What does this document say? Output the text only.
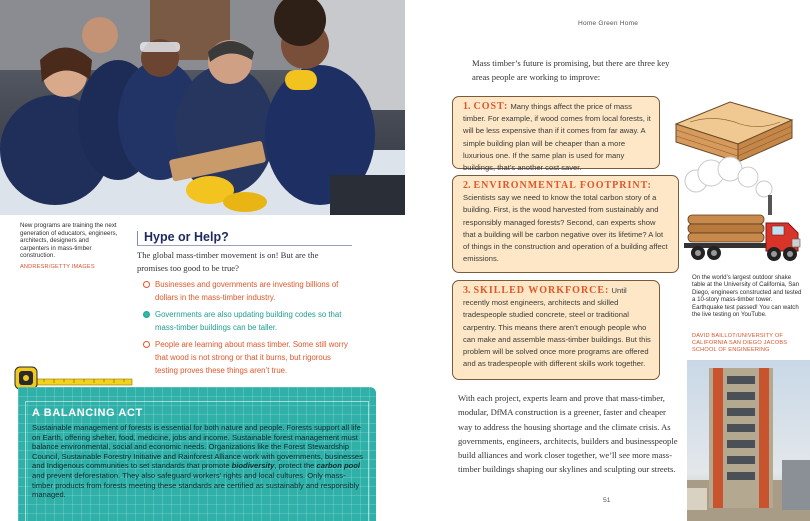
New programs are training the next generation of educators, engineers, architects, designers and carpenters in mass-timber construction.
ANDRESR/GETTY IMAGES
Hype or Help?

The global mass-timber movement is on! But are the promises too good to be true?

Businesses and governments are investing billions of dollars in the mass-timber industry.
Governments are also updating building codes so that mass-timber buildings can be taller.
People are learning about mass timber. Some still worry that wood is not strong or that it burns, but rigorous testing proves these things aren’t true.
A BALANCING ACT

Sustainable management of forests is essential for both nature and people. Forests support all life on Earth, offering shelter, food, medicine, jobs and income. Sustainable forest management must balance environmental, social and economic needs. Organizations like the Forest Stewardship Council, Sustainable Forestry Initiative and Rainforest Alliance work with governments, businesses and Indigenous communities to set standards that promote biodiversity, protect the carbon pool and prevent deforestation. They also safeguard workers’ rights and local cultures. Only mass-timber products from forests meeting these standards are certified as sustainably and responsibly managed.

Home Green Home

Mass timber’s future is promising, but there are three key areas people are working to improve:

1. COST: Many things affect the price of mass timber. For example, if wood comes from local forests, it will be less expensive than if it comes from far away. A simple building plan will be cheaper than a more luxurious one. If the same plan is used for many buildings, that’s another cost saver.

2. ENVIRONMENTAL FOOTPRINT:
Scientists say we need to know the total carbon story of a building. First, is the wood harvested from sustainably and responsibly managed forests? Second, can experts show that a building will be carbon negative over its lifetime? A lot of things in the construction and operation of a building affect emissions.

3. SKILLED WORKFORCE: Until recently most engineers, architects and skilled tradespeople studied concrete, steel or traditional carpentry. This means there aren’t enough people who can make and assemble mass-timber buildings. But this problem will be solved once more programs are offered and as tradespeople with different skills work together.

With each project, experts learn and prove that mass-timber, modular, DfMA construction is a greener, faster and cheaper way to address the housing shortage and the climate crisis. As governments, engineers, architects, builders and businesspeople build alliances and work closer together, we’ll see more mass-timber buildings shaping our skylines and sculpting our streets.

51
On the world’s largest outdoor shake table at the University of California, San Diego, engineers constructed and tested a 10-story mass-timber tower. Earthquake test passed! You can watch the live testing on YouTube.
DAVID BAILLOT/UNIVERSITY OF CALIFORNIA SAN DIEGO JACOBS SCHOOL OF ENGINEERING
